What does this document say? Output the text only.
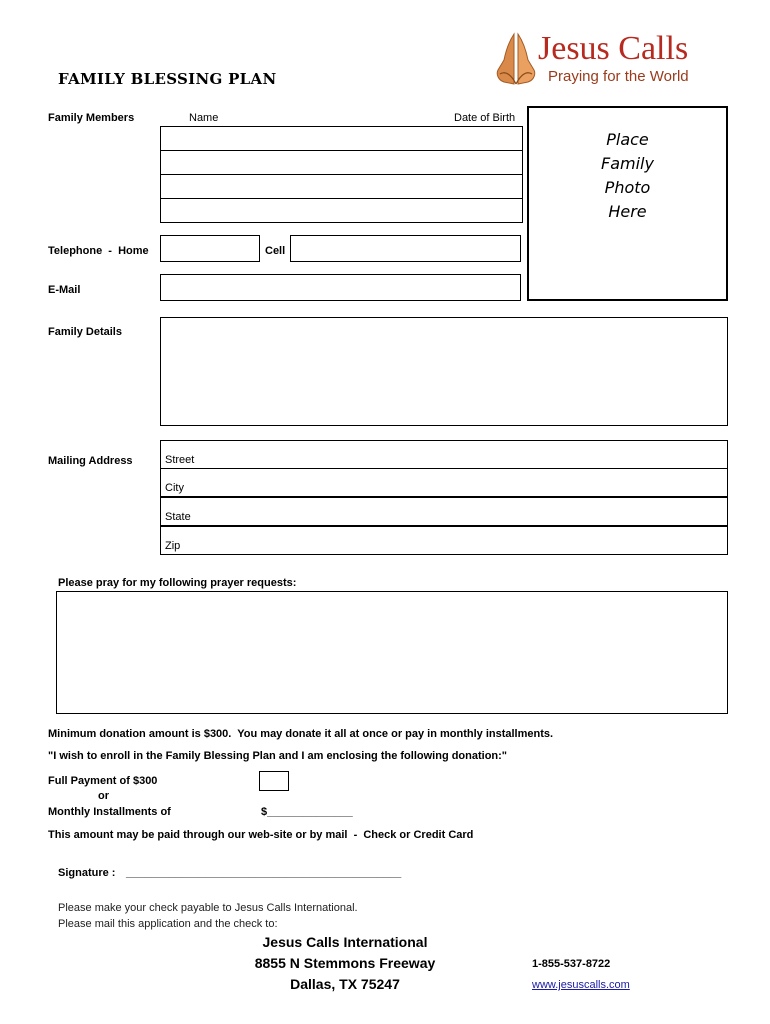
Jesus Calls
Praying for the World
FAMILY BLESSING PLAN
Family Members	Name	Date of Birth
Place
Family
Photo
Here
Telephone  -  Home	Cell
E-Mail
Family Details
Mailing Address	Street
City
State
Zip
Please pray for my following prayer requests:
Minimum donation amount is $300.  You may donate it all at once or pay in monthly installments.
"I wish to enroll in the Family Blessing Plan and I am enclosing the following donation:"
Full Payment of $300
or
Monthly Installments of	$______________
This amount may be paid through our web-site or by mail  -  Check or Credit Card
Signature : _____________________________________________
Please make your check payable to Jesus Calls International.
Please mail this application and the check to:
Jesus Calls International
8855 N Stemmons Freeway
Dallas, TX 75247
1-855-537-8722
www.jesuscalls.com
